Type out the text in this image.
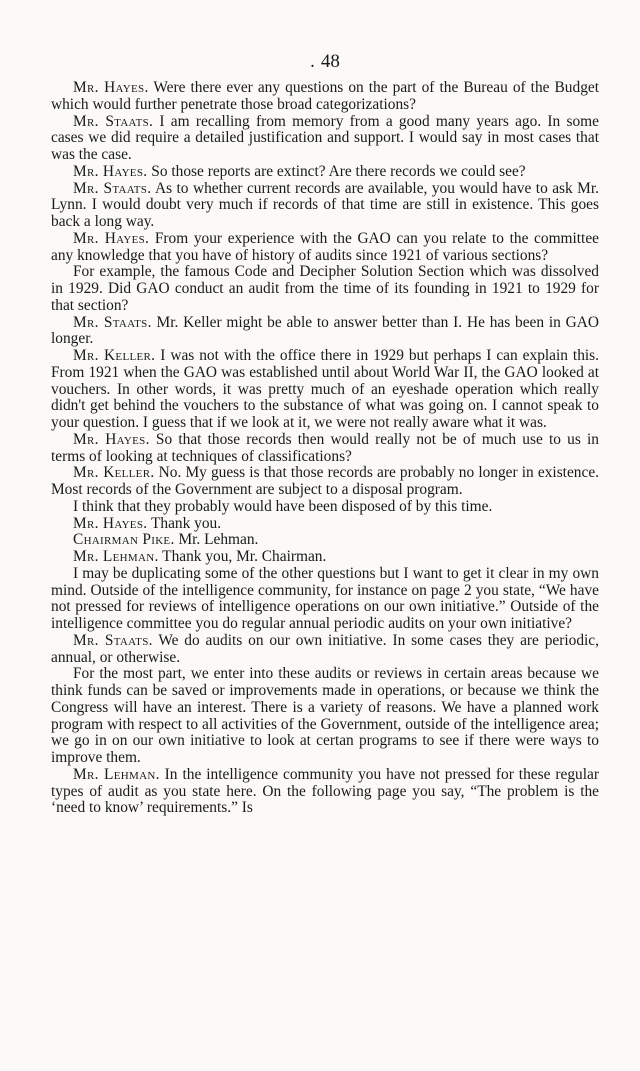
. 48

Mr. Hayes. Were there ever any questions on the part of the Bureau of the Budget which would further penetrate those broad categorizations?

Mr. Staats. I am recalling from memory from a good many years ago. In some cases we did require a detailed justification and support. I would say in most cases that was the case.

Mr. Hayes. So those reports are extinct? Are there records we could see?

Mr. Staats. As to whether current records are available, you would have to ask Mr. Lynn. I would doubt very much if records of that time are still in existence. This goes back a long way.

Mr. Hayes. From your experience with the GAO can you relate to the committee any knowledge that you have of history of audits since 1921 of various sections?

For example, the famous Code and Decipher Solution Section which was dissolved in 1929. Did GAO conduct an audit from the time of its founding in 1921 to 1929 for that section?

Mr. Staats. Mr. Keller might be able to answer better than I. He has been in GAO longer.

Mr. Keller. I was not with the office there in 1929 but perhaps I can explain this. From 1921 when the GAO was established until about World War II, the GAO looked at vouchers. In other words, it was pretty much of an eyeshade operation which really didn't get behind the vouchers to the substance of what was going on. I cannot speak to your question. I guess that if we look at it, we were not really aware what it was.

Mr. Hayes. So that those records then would really not be of much use to us in terms of looking at techniques of classifications?

Mr. Keller. No. My guess is that those records are probably no longer in existence. Most records of the Government are subject to a disposal program.

I think that they probably would have been disposed of by this time.

Mr. Hayes. Thank you.

Chairman Pike. Mr. Lehman.

Mr. Lehman. Thank you, Mr. Chairman.

I may be duplicating some of the other questions but I want to get it clear in my own mind. Outside of the intelligence community, for instance on page 2 you state, “We have not pressed for reviews of intelligence operations on our own initiative.” Outside of the intelligence committee you do regular annual periodic audits on your own initiative?

Mr. Staats. We do audits on our own initiative. In some cases they are periodic, annual, or otherwise.

For the most part, we enter into these audits or reviews in certain areas because we think funds can be saved or improvements made in operations, or because we think the Congress will have an interest. There is a variety of reasons. We have a planned work program with respect to all activities of the Government, outside of the intelligence area; we go in on our own initiative to look at certan programs to see if there were ways to improve them.

Mr. Lehman. In the intelligence community you have not pressed for these regular types of audit as you state here. On the following page you say, “The problem is the ‘need to know’ requirements.” Is
